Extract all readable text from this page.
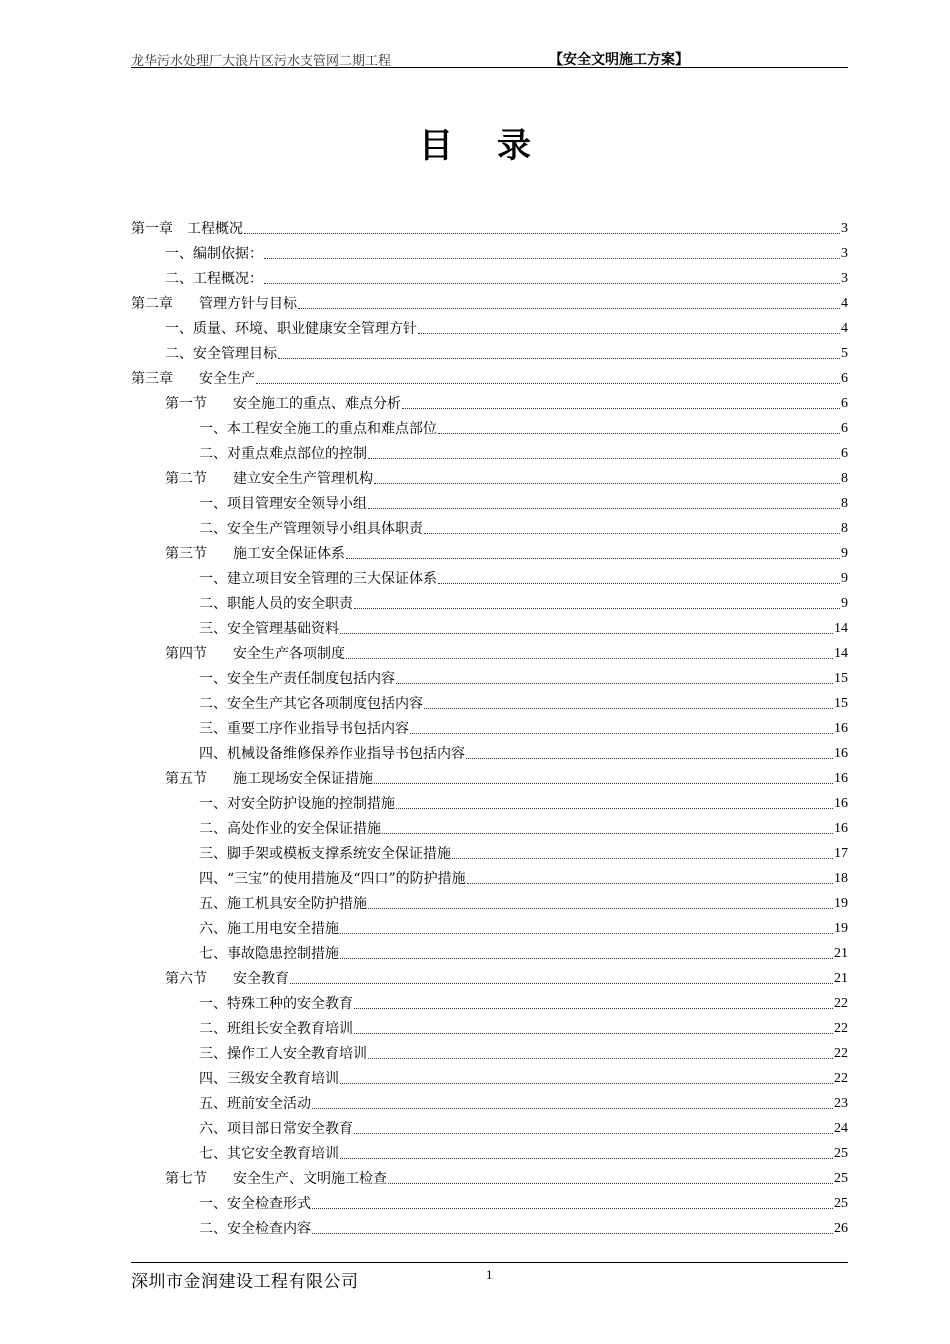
龙华污水处理厂大浪片区污水支管网二期工程	【安全文明施工方案】
目录
第一章 工程概况	3
一、编制依据：	3
二、工程概况：	3
第二章 管理方针与目标	4
一、质量、环境、职业健康安全管理方针	4
二、安全管理目标	5
第三章 安全生产	6
第一节 安全施工的重点、难点分析	6
一、本工程安全施工的重点和难点部位	6
二、对重点难点部位的控制	6
第二节 建立安全生产管理机构	8
一、项目管理安全领导小组	8
二、安全生产管理领导小组具体职责	8
第三节 施工安全保证体系	9
一、建立项目安全管理的三大保证体系	9
二、职能人员的安全职责	9
三、安全管理基础资料	14
第四节 安全生产各项制度	14
一、安全生产责任制度包括内容	15
二、安全生产其它各项制度包括内容	15
三、重要工序作业指导书包括内容	16
四、机械设备维修保养作业指导书包括内容	16
第五节 施工现场安全保证措施	16
一、对安全防护设施的控制措施	16
二、高处作业的安全保证措施	16
三、脚手架或模板支撑系统安全保证措施	17
四、“三宝”的使用措施及“四口”的防护措施	18
五、施工机具安全防护措施	19
六、施工用电安全措施	19
七、事故隐患控制措施	21
第六节 安全教育	21
一、特殊工种的安全教育	22
二、班组长安全教育培训	22
三、操作工人安全教育培训	22
四、三级安全教育培训	22
五、班前安全活动	23
六、项目部日常安全教育	24
七、其它安全教育培训	25
第七节 安全生产、文明施工检查	25
一、安全检查形式	25
二、安全检查内容	26
深圳市金润建设工程有限公司	1
